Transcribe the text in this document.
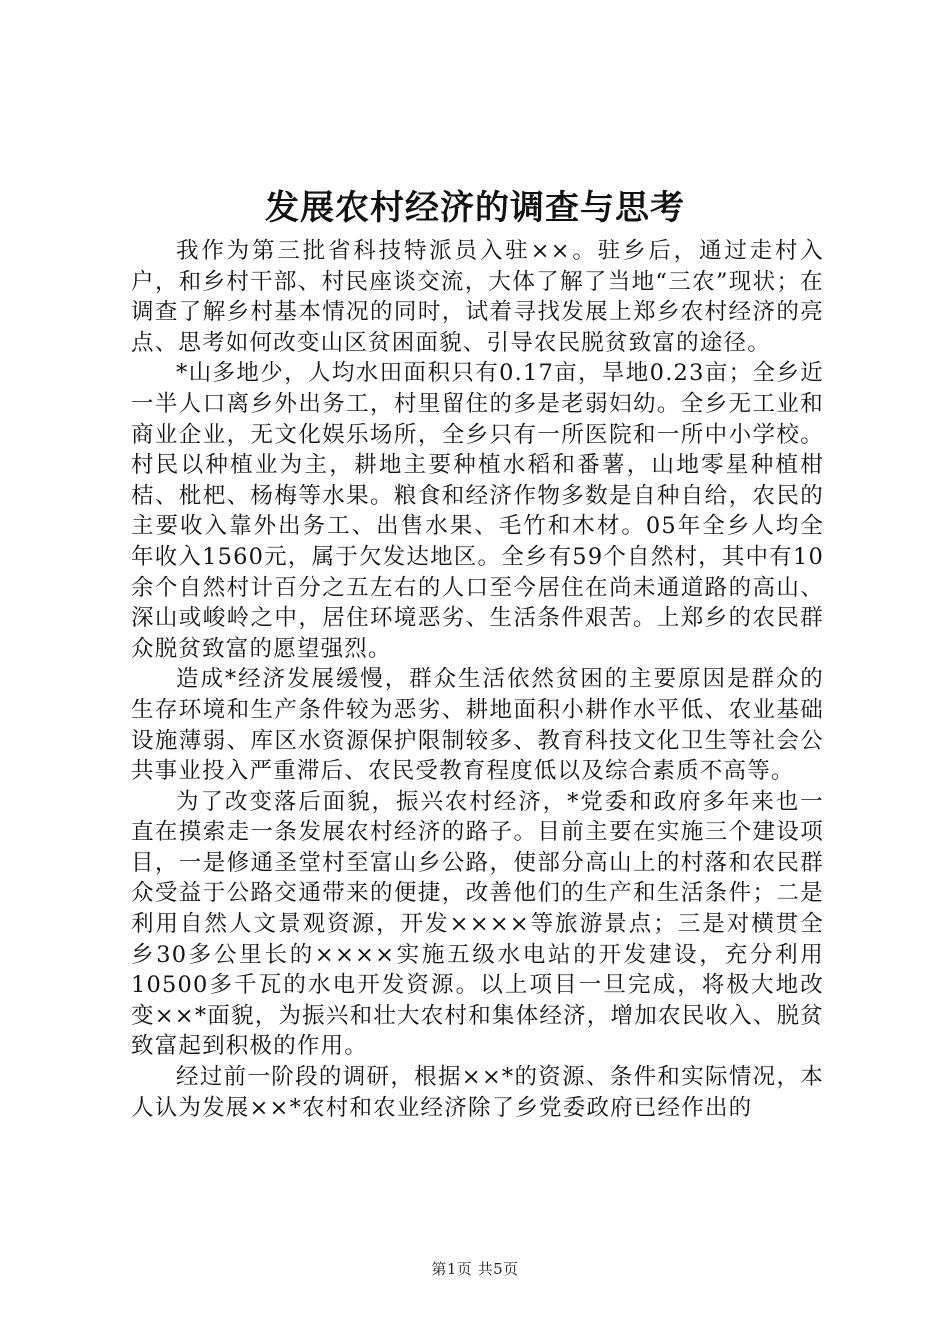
发展农村经济的调查与思考

我作为第三批省科技特派员入驻××。驻乡后，通过走村入户，和乡村干部、村民座谈交流，大体了解了当地“三农”现状；在调查了解乡村基本情况的同时，试着寻找发展上郑乡农村经济的亮点、思考如何改变山区贫困面貌、引导农民脱贫致富的途径。

*山多地少，人均水田面积只有0.17亩，旱地0.23亩；全乡近一半人口离乡外出务工，村里留住的多是老弱妇幼。全乡无工业和商业企业，无文化娱乐场所，全乡只有一所医院和一所中小学校。村民以种植业为主，耕地主要种植水稻和番薯，山地零星种植柑桔、枇杷、杨梅等水果。粮食和经济作物多数是自种自给，农民的主要收入靠外出务工、出售水果、毛竹和木材。05年全乡人均全年收入1560元，属于欠发达地区。全乡有59个自然村，其中有10余个自然村计百分之五左右的人口至今居住在尚未通道路的高山、深山或峻岭之中，居住环境恶劣、生活条件艰苦。上郑乡的农民群众脱贫致富的愿望强烈。

造成*经济发展缓慢，群众生活依然贫困的主要原因是群众的生存环境和生产条件较为恶劣、耕地面积小耕作水平低、农业基础设施薄弱、库区水资源保护限制较多、教育科技文化卫生等社会公共事业投入严重滞后、农民受教育程度低以及综合素质不高等。

为了改变落后面貌，振兴农村经济，*党委和政府多年来也一直在摸索走一条发展农村经济的路子。目前主要在实施三个建设项目，一是修通圣堂村至富山乡公路，使部分高山上的村落和农民群众受益于公路交通带来的便捷，改善他们的生产和生活条件；二是利用自然人文景观资源，开发××××等旅游景点；三是对横贯全乡30多公里长的××××实施五级水电站的开发建设，充分利用10500多千瓦的水电开发资源。以上项目一旦完成，将极大地改变××*面貌，为振兴和壮大农村和集体经济，增加农民收入、脱贫致富起到积极的作用。

经过前一阶段的调研，根据××*的资源、条件和实际情况，本人认为发展××*农村和农业经济除了乡党委政府已经作出的

第1页 共5页
